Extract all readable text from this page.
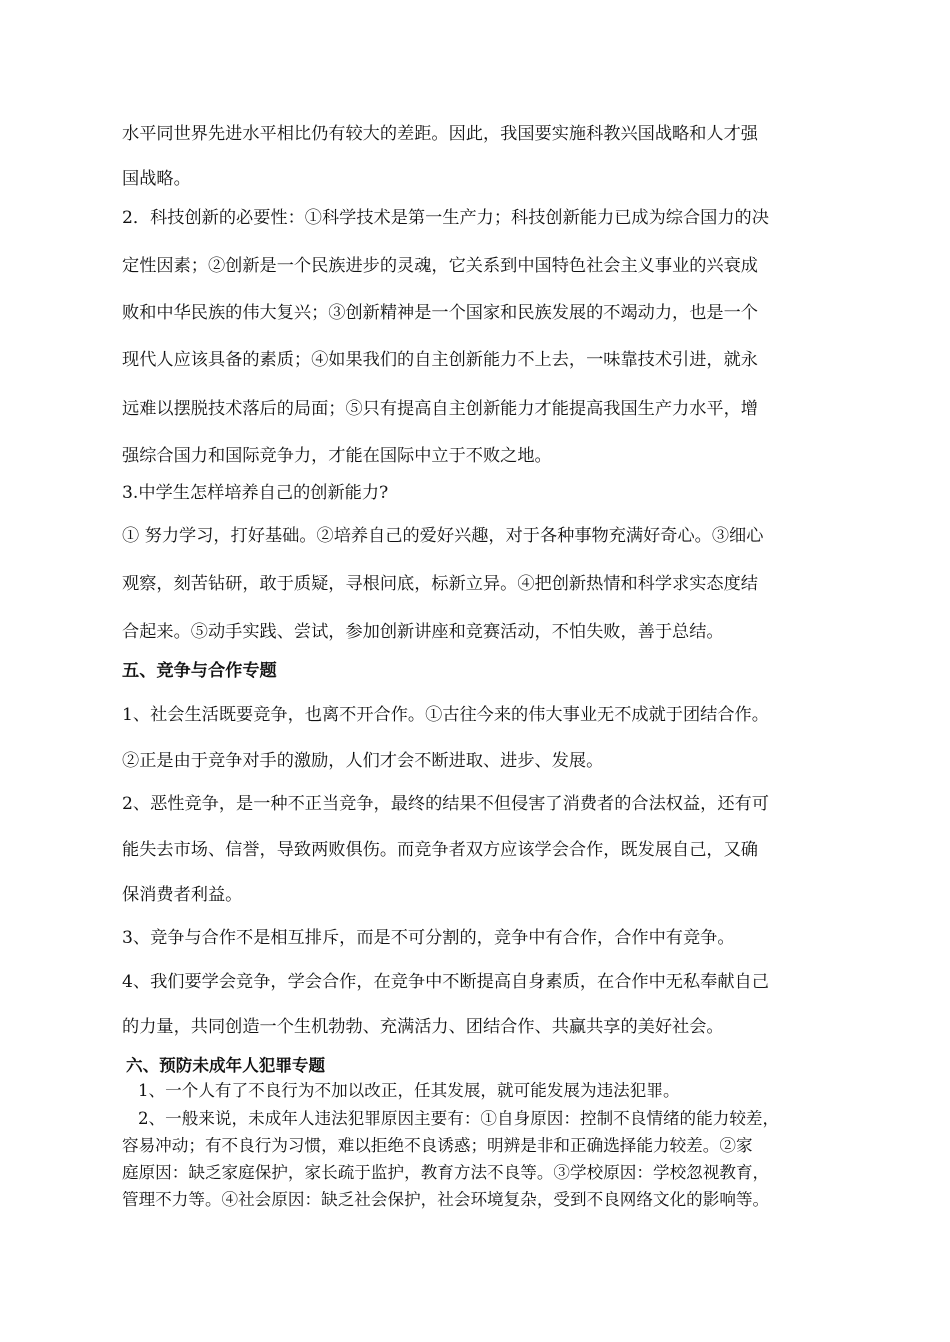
水平同世界先进水平相比仍有较大的差距。因此，我国要实施科教兴国战略和人才强
国战略。
2．科技创新的必要性：①科学技术是第一生产力；科技创新能力已成为综合国力的决
定性因素；②创新是一个民族进步的灵魂，它关系到中国特色社会主义事业的兴衰成
败和中华民族的伟大复兴；③创新精神是一个国家和民族发展的不竭动力，也是一个
现代人应该具备的素质；④如果我们的自主创新能力不上去，一味靠技术引进，就永
远难以摆脱技术落后的局面；⑤只有提高自主创新能力才能提高我国生产力水平，增
强综合国力和国际竞争力，才能在国际中立于不败之地。
3.中学生怎样培养自己的创新能力?
① 努力学习，打好基础。②培养自己的爱好兴趣，对于各种事物充满好奇心。③细心
观察，刻苦钻研，敢于质疑，寻根问底，标新立异。④把创新热情和科学求实态度结
合起来。⑤动手实践、尝试，参加创新讲座和竞赛活动，不怕失败，善于总结。
五、竞争与合作专题
1、社会生活既要竞争，也离不开合作。①古往今来的伟大事业无不成就于团结合作。
②正是由于竞争对手的激励，人们才会不断进取、进步、发展。
2、恶性竞争，是一种不正当竞争，最终的结果不但侵害了消费者的合法权益，还有可
能失去市场、信誉，导致两败俱伤。而竞争者双方应该学会合作，既发展自己，又确
保消费者利益。
3、竞争与合作不是相互排斥，而是不可分割的，竞争中有合作，合作中有竞争。
4、我们要学会竞争，学会合作，在竞争中不断提高自身素质，在合作中无私奉献自己
的力量，共同创造一个生机勃勃、充满活力、团结合作、共赢共享的美好社会。
六、预防未成年人犯罪专题
1、一个人有了不良行为不加以改正，任其发展，就可能发展为违法犯罪。
2、一般来说，未成年人违法犯罪原因主要有：①自身原因：控制不良情绪的能力较差，
容易冲动；有不良行为习惯，难以拒绝不良诱惑；明辨是非和正确选择能力较差。②家
庭原因：缺乏家庭保护，家长疏于监护，教育方法不良等。③学校原因：学校忽视教育，
管理不力等。④社会原因：缺乏社会保护，社会环境复杂，受到不良网络文化的影响等。
